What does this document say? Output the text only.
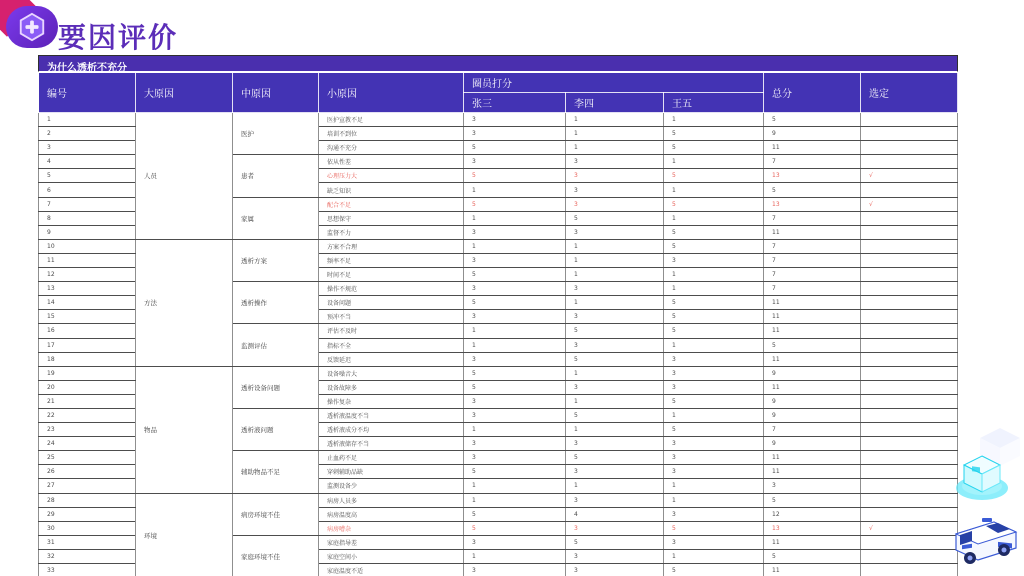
要因评价
为什么透析不充分
编号	大原因	中原因	小原因	圈员打分			总分	选定
				张三	李四	王五		
1	人员	医护	医护宣教不足	3	1	1	5	
2			培训不到位	3	1	5	9	
3			沟通不充分	5	1	5	11	
4		患者	依从性差	3	3	1	7	
5			心理压力大	5	3	5	13	√
6			缺乏知识	1	3	1	5	
7		家属	配合不足	5	3	5	13	√
8			思想保守	1	5	1	7	
9			监督不力	3	3	5	11	
10	方法	透析方案	方案不合理	1	1	5	7	
11			频率不足	3	1	3	7	
12			时间不足	5	1	1	7	
13		透析操作	操作不规范	3	3	1	7	
14			设备问题	5	1	5	11	
15			预冲不当	3	3	5	11	
16		监测评估	评估不及时	1	5	5	11	
17			指标不全	1	3	1	5	
18			反馈延迟	3	5	3	11	
19	物品	透析设备问题	设备噪音大	5	1	3	9	
20			设备故障多	5	3	3	11	
21			操作复杂	3	1	5	9	
22		透析液问题	透析液温度不当	3	5	1	9	
23			透析液成分不均	1	1	5	7	
24			透析液储存不当	3	3	3	9	
25		辅助物品不足	止血药不足	3	5	3	11	
26			穿刺辅助品缺	5	3	3	11	
27			监测设备少	1	1	1	3	
28	环境	病房环境不佳	病房人员多	1	3	1	5	
29			病房温度高	5	4	3	12	
30			病房嘈杂	5	3	5	13	√
31		家庭环境不佳	家庭指导差	3	5	3	11	
32			家庭空间小	1	3	1	5	
33			家庭温度不适	3	3	5	11	
